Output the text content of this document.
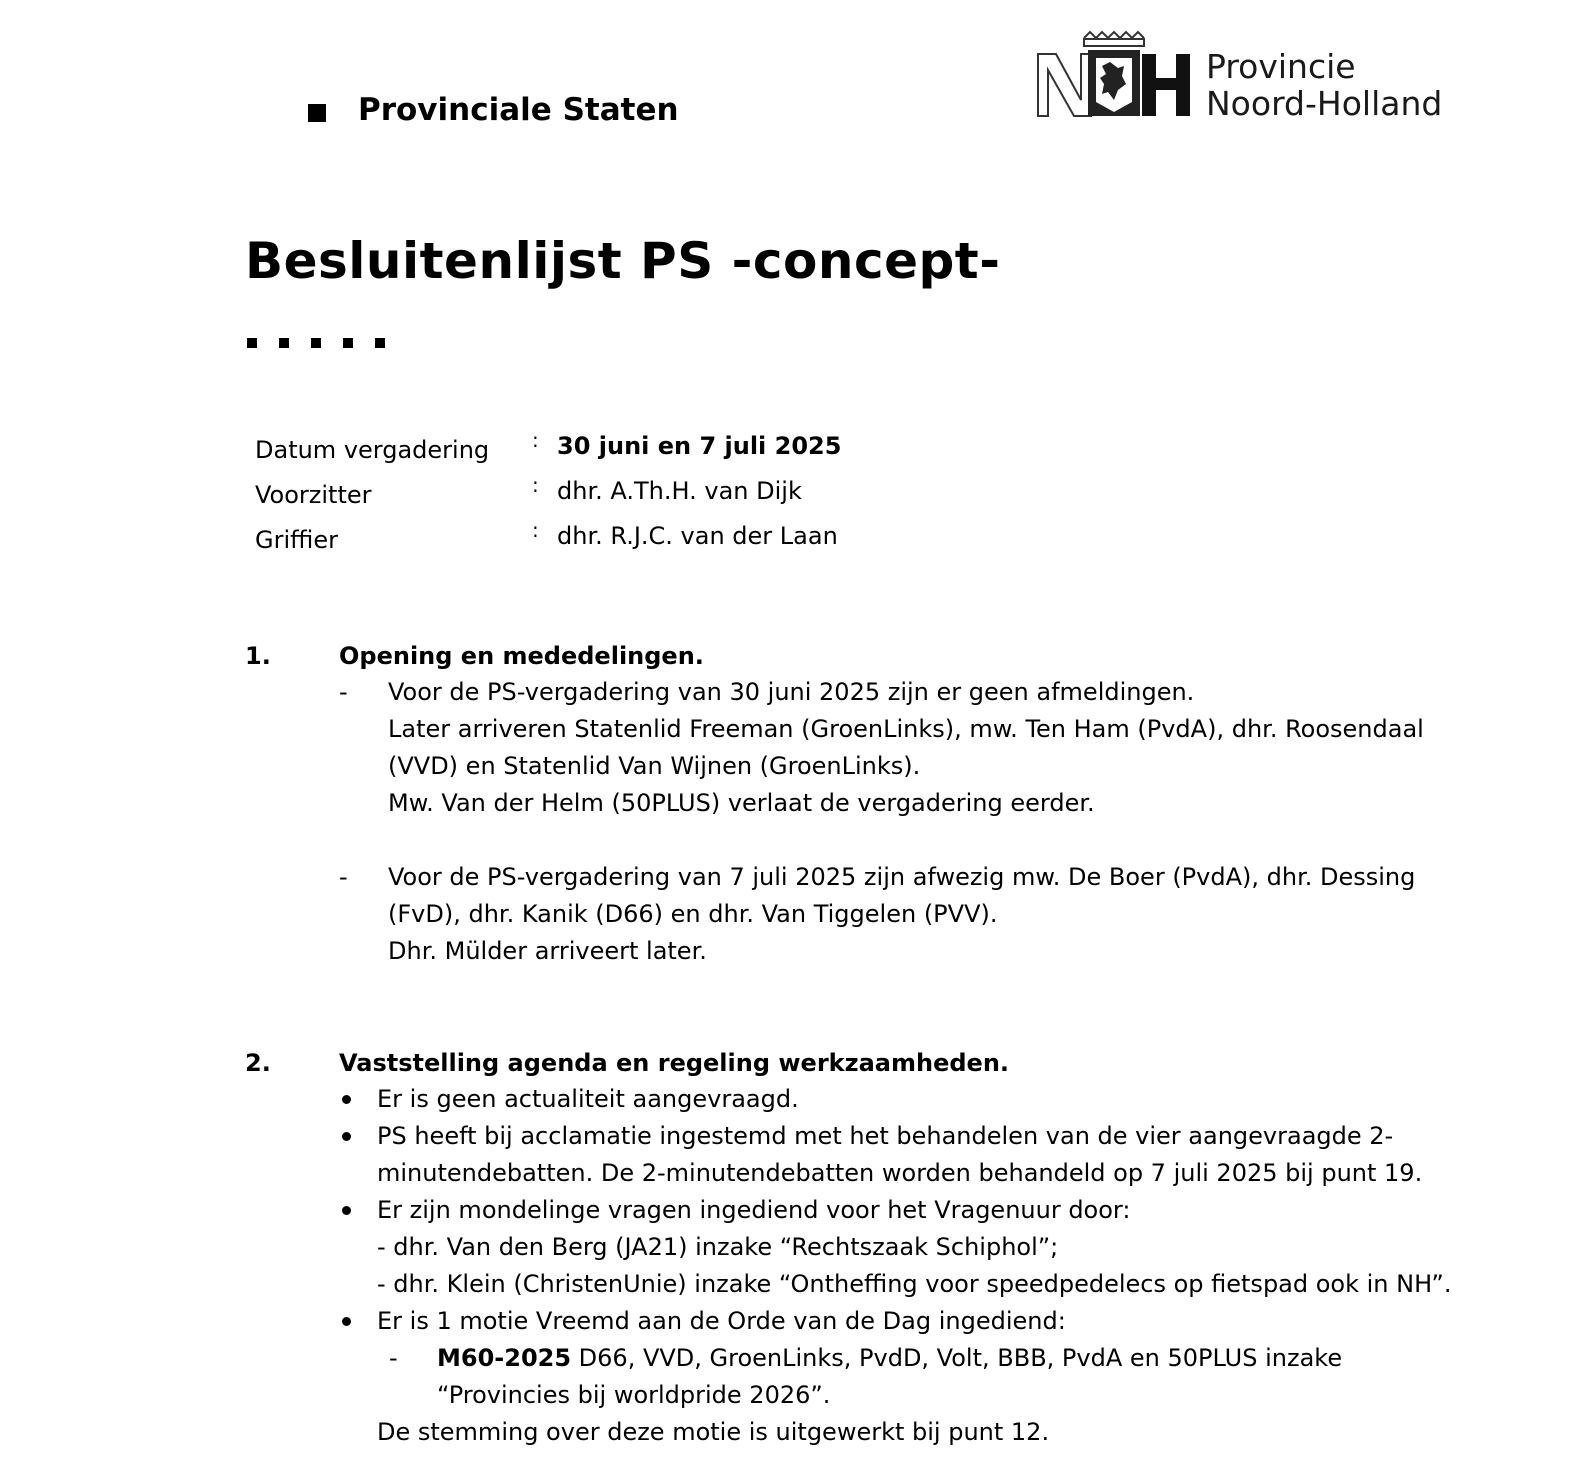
Provinciale Staten
Provincie
Noord-Holland
Besluitenlijst PS -concept-
Datum vergadering	: 30 juni en 7 juli 2025
Voorzitter	: dhr. A.Th.H. van Dijk
Griffier	: dhr. R.J.C. van der Laan
1.	Opening en mededelingen.
-	Voor de PS-vergadering van 30 juni 2025 zijn er geen afmeldingen.
Later arriveren Statenlid Freeman (GroenLinks), mw. Ten Ham (PvdA), dhr. Roosendaal
(VVD) en Statenlid Van Wijnen (GroenLinks).
Mw. Van der Helm (50PLUS) verlaat de vergadering eerder.
-	Voor de PS-vergadering van 7 juli 2025 zijn afwezig mw. De Boer (PvdA), dhr. Dessing
(FvD), dhr. Kanik (D66) en dhr. Van Tiggelen (PVV).
Dhr. Mülder arriveert later.
2.	Vaststelling agenda en regeling werkzaamheden.
Er is geen actualiteit aangevraagd.
PS heeft bij acclamatie ingestemd met het behandelen van de vier aangevraagde 2-
minutendebatten. De 2-minutendebatten worden behandeld op 7 juli 2025 bij punt 19.
Er zijn mondelinge vragen ingediend voor het Vragenuur door:
- dhr. Van den Berg (JA21) inzake “Rechtszaak Schiphol”;
- dhr. Klein (ChristenUnie) inzake “Ontheffing voor speedpedelecs op fietspad ook in NH”.
Er is 1 motie Vreemd aan de Orde van de Dag ingediend:
-	M60-2025 D66, VVD, GroenLinks, PvdD, Volt, BBB, PvdA en 50PLUS inzake
“Provincies bij worldpride 2026”.
De stemming over deze motie is uitgewerkt bij punt 12.
